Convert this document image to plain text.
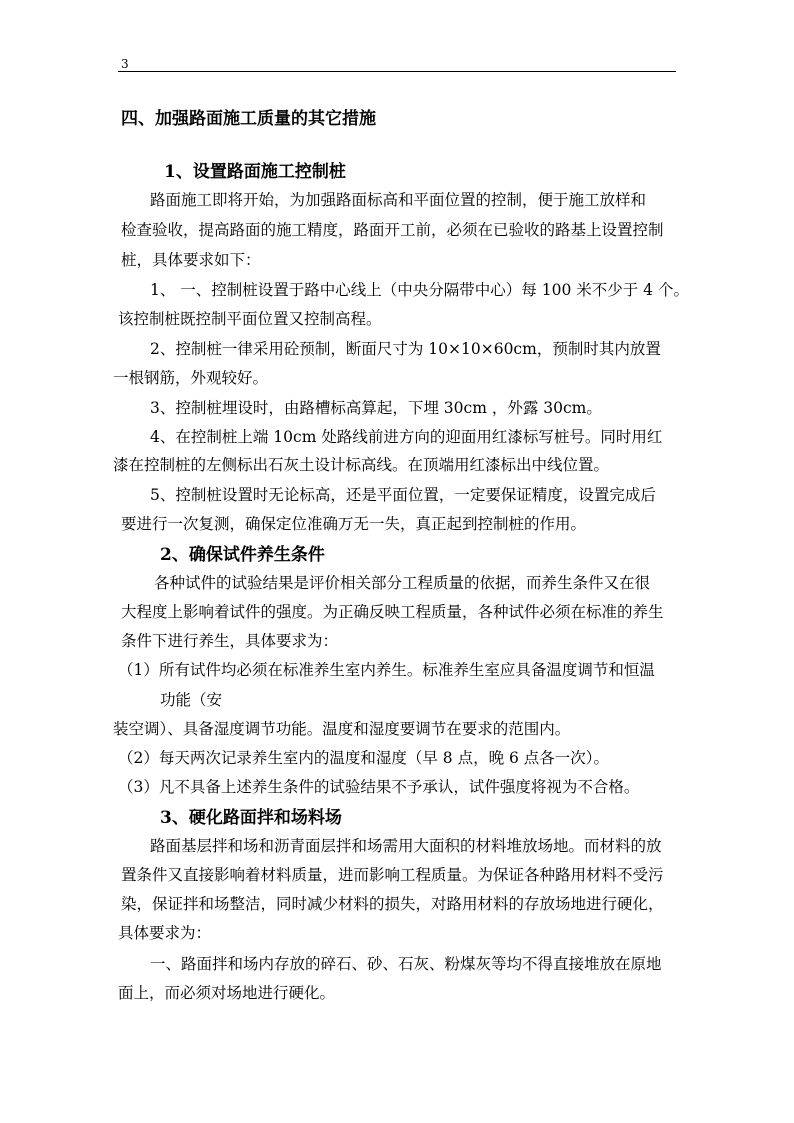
3
四、加强路面施工质量的其它措施
1、设置路面施工控制桩
路面施工即将开始，为加强路面标高和平面位置的控制，便于施工放样和
检查验收，提高路面的施工精度，路面开工前，必须在已验收的路基上设置控制
桩，具体要求如下：
1、 一、控制桩设置于路中心线上（中央分隔带中心）每 100 米不少于 4 个。
该控制桩既控制平面位置又控制高程。
2、控制桩一律采用砼预制，断面尺寸为 10×10×60cm，预制时其内放置
一根钢筋，外观较好。
3、控制桩埋设时，由路槽标高算起，下埋 30cm ，外露 30cm。
4、在控制桩上端 10cm 处路线前进方向的迎面用红漆标写桩号。同时用红
漆在控制桩的左侧标出石灰土设计标高线。在顶端用红漆标出中线位置。
5、控制桩设置时无论标高，还是平面位置，一定要保证精度，设置完成后
要进行一次复测，确保定位准确万无一失，真正起到控制桩的作用。
2、确保试件养生条件
各种试件的试验结果是评价相关部分工程质量的依据，而养生条件又在很
大程度上影响着试件的强度。为正确反映工程质量，各种试件必须在标准的养生
条件下进行养生，具体要求为：
（1）所有试件均必须在标准养生室内养生。标准养生室应具备温度调节和恒温
功能（安
装空调）、具备湿度调节功能。温度和湿度要调节在要求的范围内。
（2）每天两次记录养生室内的温度和湿度（早 8 点，晚 6 点各一次）。
（3）凡不具备上述养生条件的试验结果不予承认，试件强度将视为不合格。
3、硬化路面拌和场料场
路面基层拌和场和沥青面层拌和场需用大面积的材料堆放场地。而材料的放
置条件又直接影响着材料质量，进而影响工程质量。为保证各种路用材料不受污
染，保证拌和场整洁，同时减少材料的损失，对路用材料的存放场地进行硬化，
具体要求为：
一、路面拌和场内存放的碎石、砂、石灰、粉煤灰等均不得直接堆放在原地
面上，而必须对场地进行硬化。
